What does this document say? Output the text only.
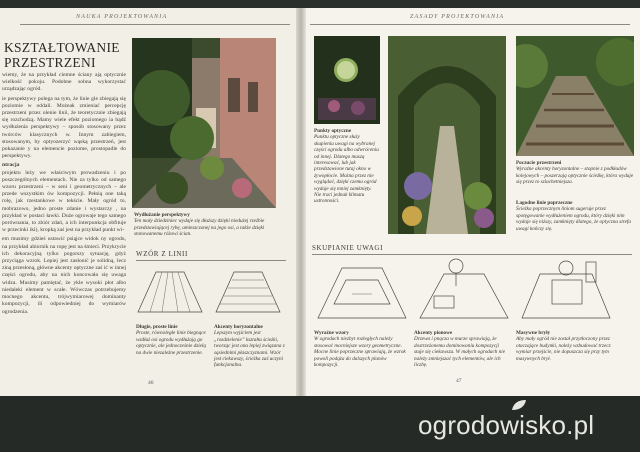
NAUKA PROJEKTOWANIA	ZASADY PROJEKTOWANIA
KSZTAŁTOWANIE PRZESTRZENI

wiemy, że na przykład ciemne ściany ają optycznie wielkość pokoju. Podobne sobna wykorzystać urządzając ogród.

ie perspektywy polega na tym, że linie gle zbiegają się poziomie w oddali. Możeak zmieniać percepcję przestrzeni przez olenie linii, że teoretycznie zbiegają się rozchodzą. Mamy wiele efekt poziomego ia bądź wydłużenia perspektywy – sposób stosowany przez twórców klasycznych w. Innym zabiegiem, stosowanym, by optyozerzyć wąską przestrzeń, jest pokazanie y na elemencie poziome, prostopadle do perspektywy.

ntracja

projektu leży we właściwym prowadzeniu i po poszczególnych elementach. Nie za tylko od samego wzoru przestrzeni – w seni i geometrycznych – ale przede wszystkim ów kompozycji. Pełnią one taką rolę, jak rzestankowe w tekście. Mały ogród to, mobrazowo, jedno proste zdanie i wystarczy , na przykład w postaci ławki. Duże ogrowaje tego samego porównania, to zbiór zdań, a ich interpunkcja obfituje w przecinki iki), kropką zaś jest na przykład punkt wi-

em musimy gdzieś ustawić psiąjce widok ny ogrodu, na przykład abiornik na ropę jest na śmieci. Przykrycie ich dekoracyjną tylko pogorszy sytuację, gdyż przyciąga wzrok. Lepiej jest zasłonić je solidną, lecz ziną przesłoną, główne akcenty optyczne zaś ić w innej części ogrodu, aby na nich koncowała się uwaga widza. Musimy pamiętać, że ykle wysoki płot albo niedaleki element w scałe. Wówczas potrzebujemy mocnego akcentu, trójwymiarowej dominanty kompozycji, ili odpowiedniej do wymiarów ogrodzenia.

Wydłużanie perspektywy
Ten mały dziedziniec wydaje się dłuższy dzięki niedużej rzeźbie przedstawiającej rybę, umieszczonej na jego osi, a także dzięki stonowanemu różowi ścian.
WZÓR Z LINII
Długie, proste linie
Proste, równoległe linie biegnące wzdłuż osi ogrodu wydłużają go optycznie, ale jednocześnie dzielą na dwie niezależne przestrzenie.
Akcenty horyzontalne
Lepszym wyjściem jest „rozdzielenie” kształtu ścieżki, tworząc jest ona lepiej związana z sąsiednimi płaszczyznami. Wzór jest ciekawszy, ścieżka zaś uczyni funkcjonalna.
46
Punkty optyczne
Punktu optyczne służy skupieniu uwagi na wybranej części ogrodu albo odwróceniu od innej. Dlatego muszą interesować, lub jak przedstawione tutaj okno w żywopłocie. Można przez nie wyglądać, dzięki czemu ogród wydaje się mniej zamknięty. Nie traci jednak klimatu ustronności.
Poczucie przestrzeni
Wyraźne akcenty horyzontalne – stopnie z podkładów kolejowych – poszerzają optycznie ścieżkę, która wydaje się przez to szlachetniejsza.
Łagodne linie poprzeczne
Ścieżka poprzecznym liniom sugeruje przez spotęgowanie wydłużeniem ogrodu, który dzięki nim wydaje się niższy, zamknięty dlatego, że optyczna strefa uwagi kończy się.
SKUPIANIE UWAGI
Wyraźne wzory
W ogrodach niezbyt rozległych należy stosować mocniejsze wzory geometryczne. Mocne linie poprzeczne sprawiają, że wzrok powoli podąża do dalszych planów kompozycji.
Akcenty pionowe
Drzewa i pnącza w murze sprawiają, że dostrzeżonemu dominowaniu kompozycji staje się ciekawsza. W małych ogrodach nie należy zmniejszać tych elementów, ale ich liczbę.
Masywne bryły
Aby mały ogród nie został przytłoczony przez otaczające budynki, należy wzbudować trzecz wymiar przejście, nie dopuszcza się przy tym masywnych brył.
47
ogrodowisko.pl
